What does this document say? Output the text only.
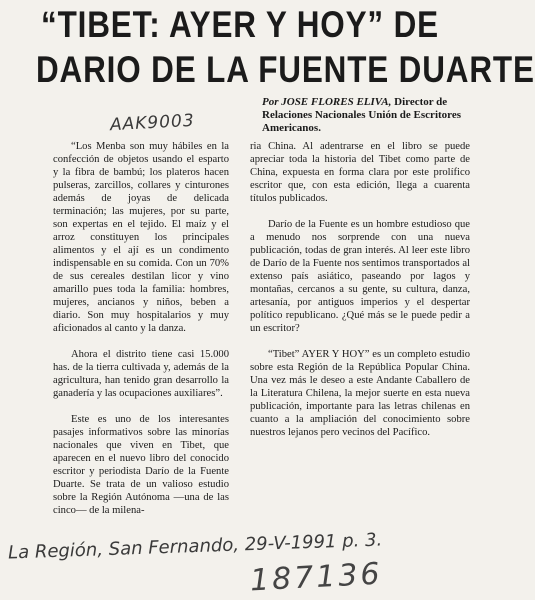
“TIBET: AYER Y HOY” DE
DARIO DE LA FUENTE DUARTE
Por JOSE FLORES ELIVA, Director de Relaciones Nacionales Unión de Escritores Americanos.
AAK9003

“Los Menba son muy hábiles en la confección de objetos usando el esparto y la fibra de bambú; los plateros hacen pulseras, zarcillos, collares y cinturones además de joyas de delicada terminación; las mujeres, por su parte, son expertas en el tejido. El maíz y el arroz constituyen los principales alimentos y el ají es un condimento indispensable en su comida. Con un 70% de sus cereales destilan licor y vino amarillo pues toda la familia: hombres, mujeres, ancianos y niños, beben a diario. Son muy hospitalarios y muy aficionados al canto y la danza.

Ahora el distrito tiene casi 15.000 has. de la tierra cultivada y, además de la agricultura, han tenido gran desarrollo la ganadería y las ocupaciones auxiliares”.

Este es uno de los interesantes pasajes informativos sobre las minorías nacionales que viven en Tibet, que aparecen en el nuevo libro del conocido escritor y periodista Darío de la Fuente Duarte. Se trata de un valioso estudio sobre la Región Autónoma —una de las cinco— de la milena-

ria China. Al adentrarse en el libro se puede apreciar toda la historia del Tibet como parte de China, expuesta en forma clara por este prolífico escritor que, con esta edición, llega a cuarenta títulos publicados.

Darío de la Fuente es un hombre estudioso que a menudo nos sorprende con una nueva publicación, todas de gran interés. Al leer este libro de Darío de la Fuente nos sentimos transportados al extenso país asiático, paseando por lagos y montañas, cercanos a su gente, su cultura, danza, artesanía, por antiguos imperios y el despertar político republicano. ¿Qué más se le puede pedir a un escritor?

“Tibet” AYER Y HOY” es un completo estudio sobre esta Región de la República Popular China. Una vez más le deseo a este Andante Caballero de la Literatura Chilena, la mejor suerte en esta nueva publicación, importante para las letras chilenas en cuanto a la ampliación del conocimiento sobre nuestros lejanos pero vecinos del Pacífico.

La Región, San Fernando, 29-V-1991 p. 3.
187136
